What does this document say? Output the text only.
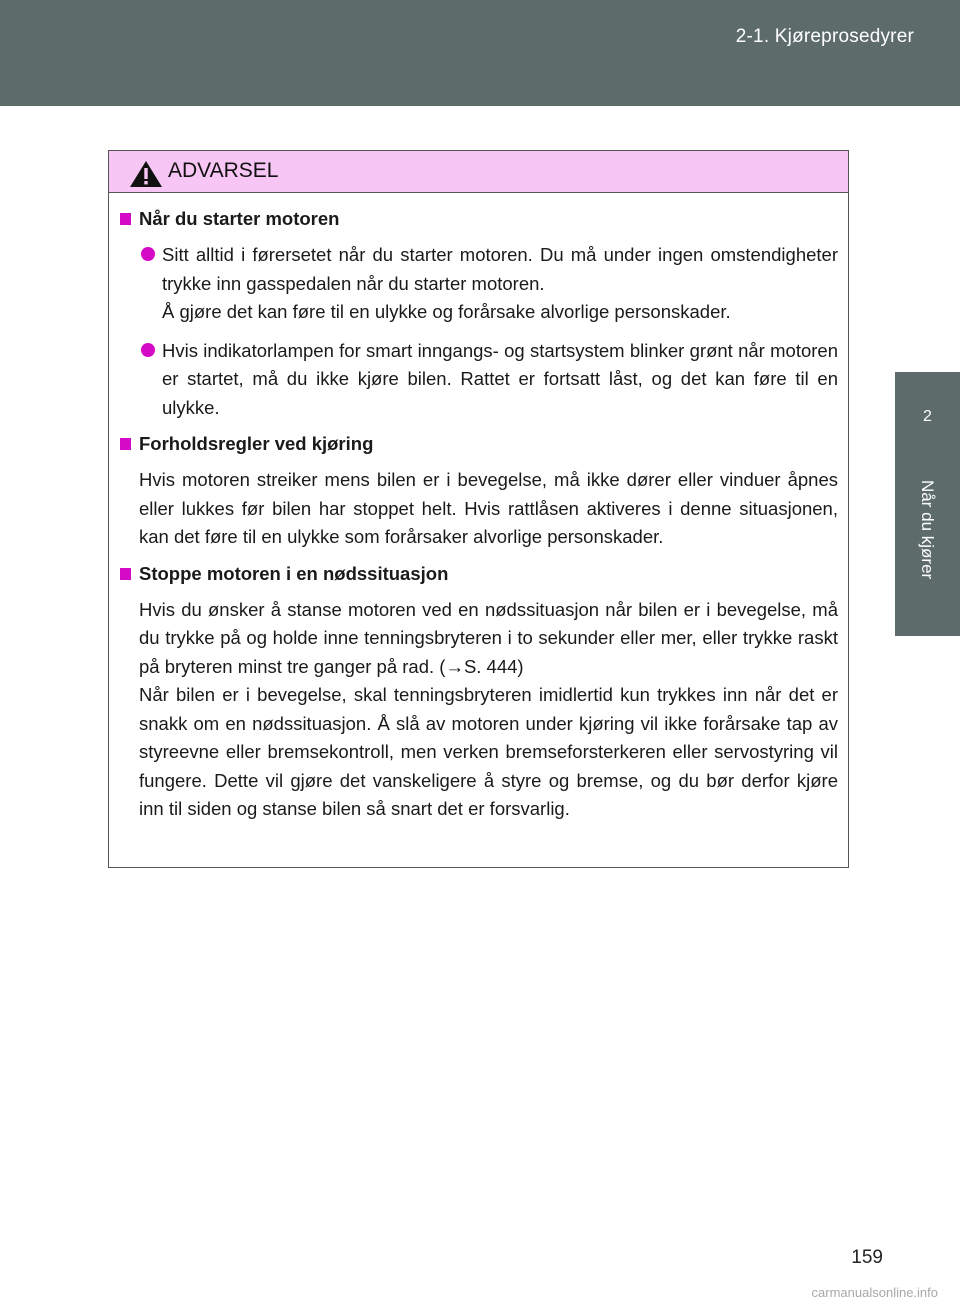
2-1. Kjøreprosedyrer
2
Når du kjører
ADVARSEL
Når du starter motoren

Sitt alltid i førersetet når du starter motoren. Du må under ingen omstendigheter trykke inn gasspedalen når du starter motoren.

Å gjøre det kan føre til en ulykke og forårsake alvorlige personskader.

Hvis indikatorlampen for smart inngangs- og startsystem blinker grønt når motoren er startet, må du ikke kjøre bilen. Rattet er fortsatt låst, og det kan føre til en ulykke.

Forholdsregler ved kjøring

Hvis motoren streiker mens bilen er i bevegelse, må ikke dører eller vinduer åpnes eller lukkes før bilen har stoppet helt. Hvis rattlåsen aktiveres i denne situasjonen, kan det føre til en ulykke som forårsaker alvorlige personskader.

Stoppe motoren i en nødssituasjon
Hvis du ønsker å stanse motoren ved en nødssituasjon når bilen er i bevegelse, må du trykke på og holde inne tenningsbryteren i to sekunder eller mer, eller trykke raskt på bryteren minst tre ganger på rad. (→S. 444)
Når bilen er i bevegelse, skal tenningsbryteren imidlertid kun trykkes inn når det er snakk om en nødssituasjon. Å slå av motoren under kjøring vil ikke forårsake tap av styreevne eller bremsekontroll, men verken bremseforsterkeren eller servostyring vil fungere. Dette vil gjøre det vanskeligere å styre og bremse, og du bør derfor kjøre inn til siden og stanse bilen så snart det er forsvarlig.
159
carmanualsonline.info
